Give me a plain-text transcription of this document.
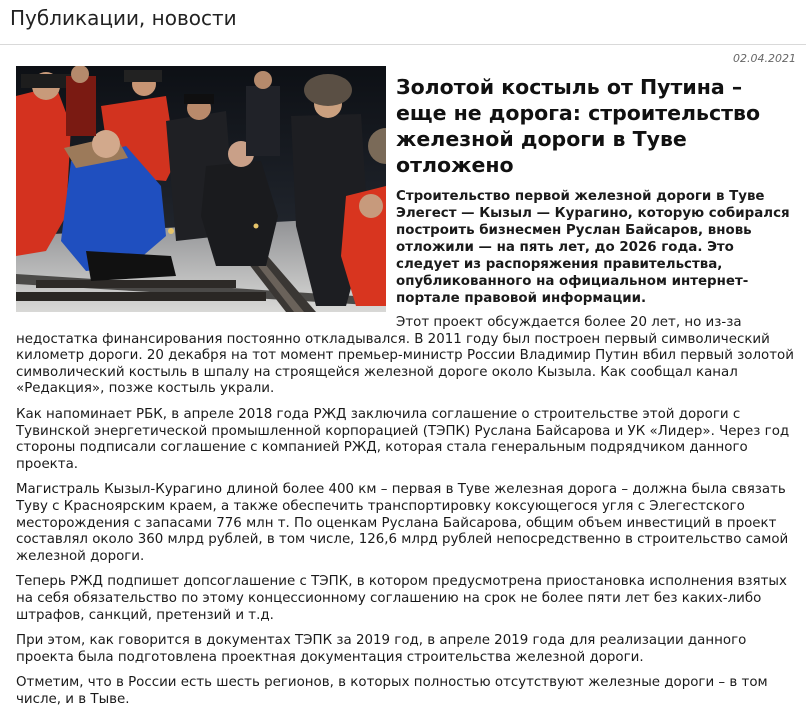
Публикации, новости

02.04.2021

Золотой костыль от Путина – еще не дорога: строительство железной дороги в Туве отложено

Строительство первой железной дороги в Туве Элегест — Кызыл — Курагино, которую собирался построить бизнесмен Руслан Байсаров, вновь отложили — на пять лет, до 2026 года. Это следует из распоряжения правительства, опубликованного на официальном интернет-портале правовой информации.

Этот проект обсуждается более 20 лет, но из-за недостатка финансирования постоянно откладывался. В 2011 году был построен первый символический километр дороги. 20 декабря на тот момент премьер-министр России Владимир Путин вбил первый золотой символический костыль в шпалу на строящейся железной дороге около Кызыла. Как сообщал канал «Редакция», позже костыль украли.

Как напоминает РБК, в апреле 2018 года РЖД заключила соглашение о строительстве этой дороги с Тувинской энергетической промышленной корпорацией (ТЭПК) Руслана Байсарова и УК «Лидер». Через год стороны подписали соглашение с компанией РЖД, которая стала генеральным подрядчиком данного проекта.

Магистраль Кызыл-Курагино длиной более 400 км – первая в Туве железная дорога – должна была связать Туву с Красноярским краем, а также обеспечить транспортировку коксующегося угля с Элегестского месторождения с запасами 776 млн т. По оценкам Руслана Байсарова, общим объем инвестиций в проект составлял около 360 млрд рублей, в том числе, 126,6 млрд рублей непосредственно в строительство самой железной дороги.

Теперь РЖД подпишет допсоглашение с ТЭПК, в котором предусмотрена приостановка исполнения взятых на себя обязательство по этому концессионному соглашению на срок не более пяти лет без каких-либо штрафов, санкций, претензий и т.д.

При этом, как говорится в документах ТЭПК за 2019 год, в апреле 2019 года для реализации данного проекта была подготовлена проектная документация строительства железной дороги.

Отметим, что в России есть шесть регионов, в которых полностью отсутствуют железные дороги – в том числе, и в Тыве.
